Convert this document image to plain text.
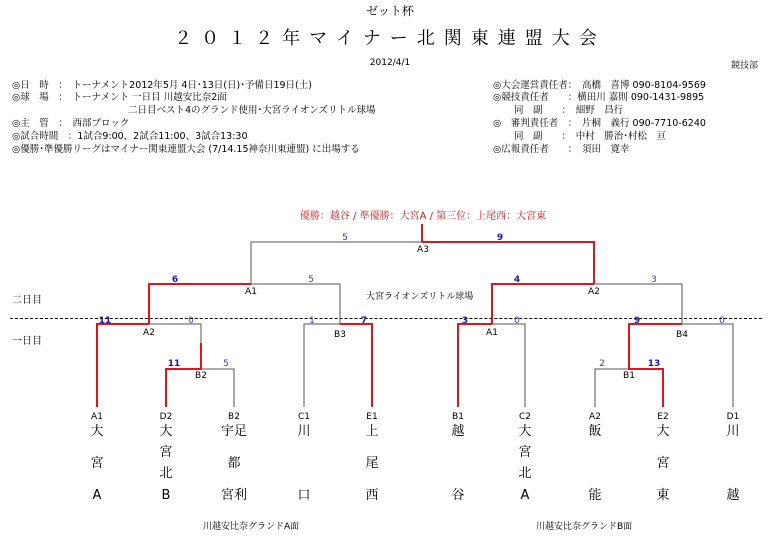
ゼット杯
２０１２年マイナー北関東連盟大会
2012/4/1	競技部
◎日　時　：　トーナメント2012年5月 4日･13日(日)･予備日19日(土)
◎球　場　：　トーナメント 一日目 川越安比奈2面
二日目ベスト4のグランド使用･大宮ライオンズリトル球場
◎主　管　：　西部ブロック
◎試合時間　：1試合9:00、2試合11:00、3試合13:30
◎優勝･準優勝リーグはマイナー関東連盟大会 (7/14.15神奈川東連盟) に出場する
◎大会運営責任者：　高橋　喜博 090-8104-9569
◎競技責任者　　：横田川 嘉則 090-1431-9895
同　副　　：　細野　昌行
◎　審判責任者　：　片桐　義行 090-7710-6240
同　副　　：　中村　勝治･村松　亘
◎広報責任者　　：　須田　寛幸
優勝：越谷 / 準優勝：大宮A / 第三位：上尾西：大宮東
二日目
一日目
大宮ライオンズリトル球場
A3
A1	A2
A2	B3	A1	B4
B2	B1
5	9
6	5	4	3
11	0	1	7	3	0	9	0
11	5	2	13
A1
大
宮
A
D2
大
宮
北
B
B2
宇足
都
宮利
C1
川
口
E1
上
尾
西
B1
越
谷
C2
大
宮
北
A
A2
飯
能
E2
大
宮
東
D1
川
越
川越安比奈グランドA面	川越安比奈グランドB面
